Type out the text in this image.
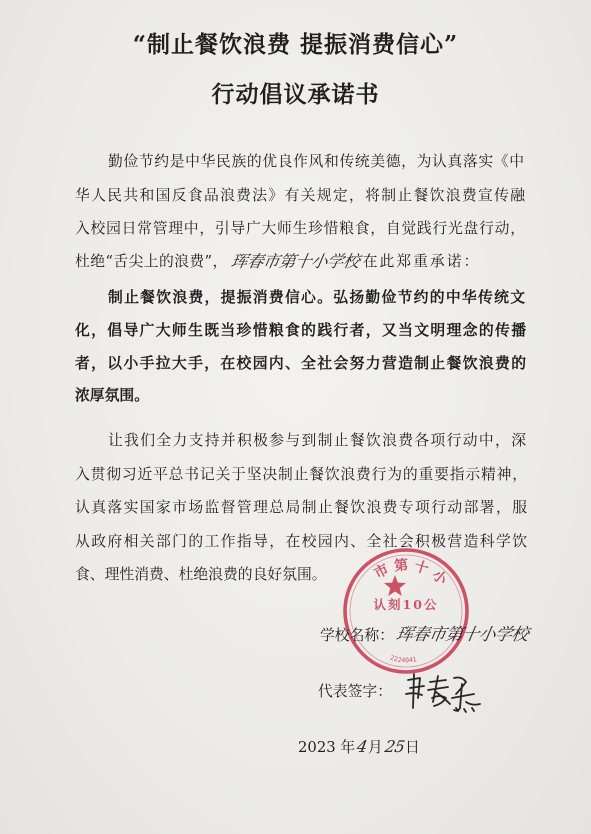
“制止餐饮浪费 提振消费信心”
行动倡议承诺书
勤俭节约是中华民族的优良作风和传统美德，为认真落实《中
华人民共和国反食品浪费法》有关规定，将制止餐饮浪费宣传融
入校园日常管理中，引导广大师生珍惜粮食，自觉践行光盘行动，
杜绝“舌尖上的浪费”， 珲春市第十小学校 在此郑重承诺：
制止餐饮浪费，提振消费信心。弘扬勤俭节约的中华传统文
化，倡导广大师生既当珍惜粮食的践行者，又当文明理念的传播
者，以小手拉大手，在校园内、全社会努力营造制止餐饮浪费的
浓厚氛围。
让我们全力支持并积极参与到制止餐饮浪费各项行动中，深
入贯彻习近平总书记关于坚决制止餐饮浪费行为的重要指示精神，
认真落实国家市场监督管理总局制止餐饮浪费专项行动部署，服
从政府相关部门的工作指导，在校园内、全社会积极营造科学饮
食、理性消费、杜绝浪费的良好氛围。
学校名称： 珲春市第十小学校
代表签字：
2023 年 4 月 25 日
市 第 十 小
认刻10公
2224041
